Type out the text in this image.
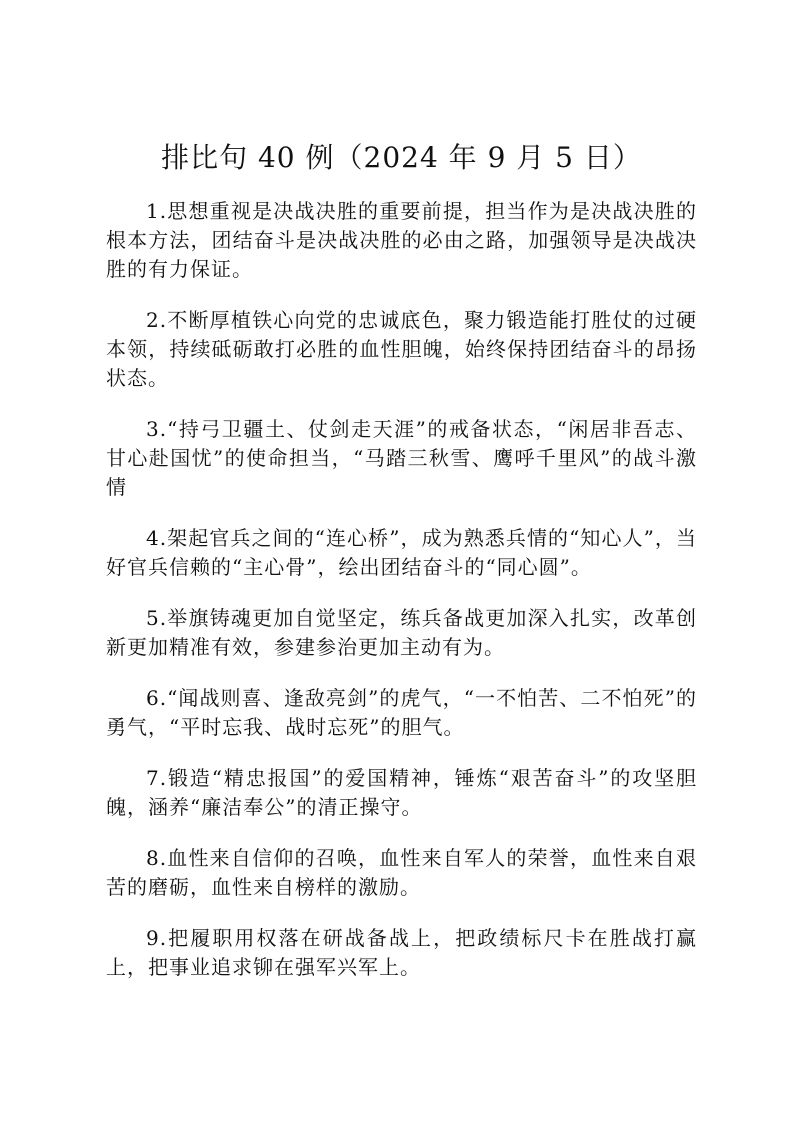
排比句 40 例（2024 年 9 月 5 日）
1.思想重视是决战决胜的重要前提，担当作为是决战决胜的根本方法，团结奋斗是决战决胜的必由之路，加强领导是决战决胜的有力保证。
2.不断厚植铁心向党的忠诚底色，聚力锻造能打胜仗的过硬本领，持续砥砺敢打必胜的血性胆魄，始终保持团结奋斗的昂扬状态。
3.“持弓卫疆土、仗剑走天涯”的戒备状态，“闲居非吾志、甘心赴国忧”的使命担当，“马踏三秋雪、鹰呼千里风”的战斗激情
4.架起官兵之间的“连心桥”，成为熟悉兵情的“知心人”，当好官兵信赖的“主心骨”，绘出团结奋斗的“同心圆”。
5.举旗铸魂更加自觉坚定，练兵备战更加深入扎实，改革创新更加精准有效，参建参治更加主动有为。
6.“闻战则喜、逢敌亮剑”的虎气，“一不怕苦、二不怕死”的勇气，“平时忘我、战时忘死”的胆气。
7.锻造“精忠报国”的爱国精神，锤炼“艰苦奋斗”的攻坚胆魄，涵养“廉洁奉公”的清正操守。
8.血性来自信仰的召唤，血性来自军人的荣誉，血性来自艰苦的磨砺，血性来自榜样的激励。
9.把履职用权落在研战备战上，把政绩标尺卡在胜战打赢上，把事业追求铆在强军兴军上。
